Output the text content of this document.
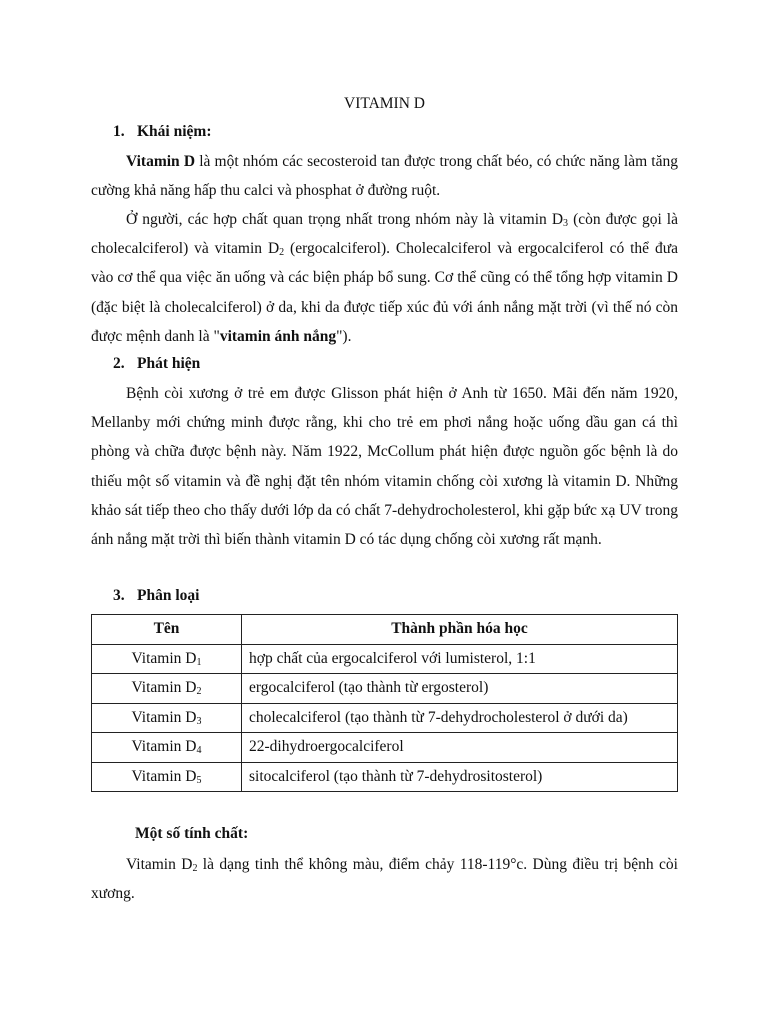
VITAMIN D
1. Khái niệm:
Vitamin D là một nhóm các secosteroid tan được trong chất béo, có chức năng làm tăng cường khả năng hấp thu calci và phosphat ở đường ruột.
Ở người, các hợp chất quan trọng nhất trong nhóm này là vitamin $D_3$ (còn được gọi là cholecalciferol) và vitamin $D_2$ (ergocalciferol). Cholecalciferol và ergocalciferol có thể đưa vào cơ thể qua việc ăn uống và các biện pháp bổ sung. Cơ thể cũng có thể tổng hợp vitamin D (đặc biệt là cholecalciferol) ở da, khi da được tiếp xúc đủ với ánh nắng mặt trời (vì thế nó còn được mệnh danh là "vitamin ánh nắng").
2. Phát hiện
Bệnh còi xương ở trẻ em được Glisson phát hiện ở Anh từ 1650. Mãi đến năm 1920, Mellanby mới chứng minh được rằng, khi cho trẻ em phơi nắng hoặc uống dầu gan cá thì phòng và chữa được bệnh này. Năm 1922, McCollum phát hiện được nguồn gốc bệnh là do thiếu một số vitamin và đề nghị đặt tên nhóm vitamin chống còi xương là vitamin D. Những khảo sát tiếp theo cho thấy dưới lớp da có chất 7-dehydrocholesterol, khi gặp bức xạ UV trong ánh nắng mặt trời thì biến thành vitamin D có tác dụng chống còi xương rất mạnh.
3. Phân loại
Tên	Thành phần hóa học
Vitamin $D_1$	hợp chất của ergocalciferol với lumisterol, 1:1
Vitamin $D_2$	ergocalciferol (tạo thành từ ergosterol)
Vitamin $D_3$	cholecalciferol (tạo thành từ 7-dehydrocholesterol ở dưới da)
Vitamin $D_4$	22-dihydroergocalciferol
Vitamin $D_5$	sitocalciferol (tạo thành từ 7-dehydrositosterol)
Một số tính chất:
Vitamin $D_2$ là dạng tinh thể không màu, điểm chảy 118-119°c. Dùng điều trị bệnh còi xương.
